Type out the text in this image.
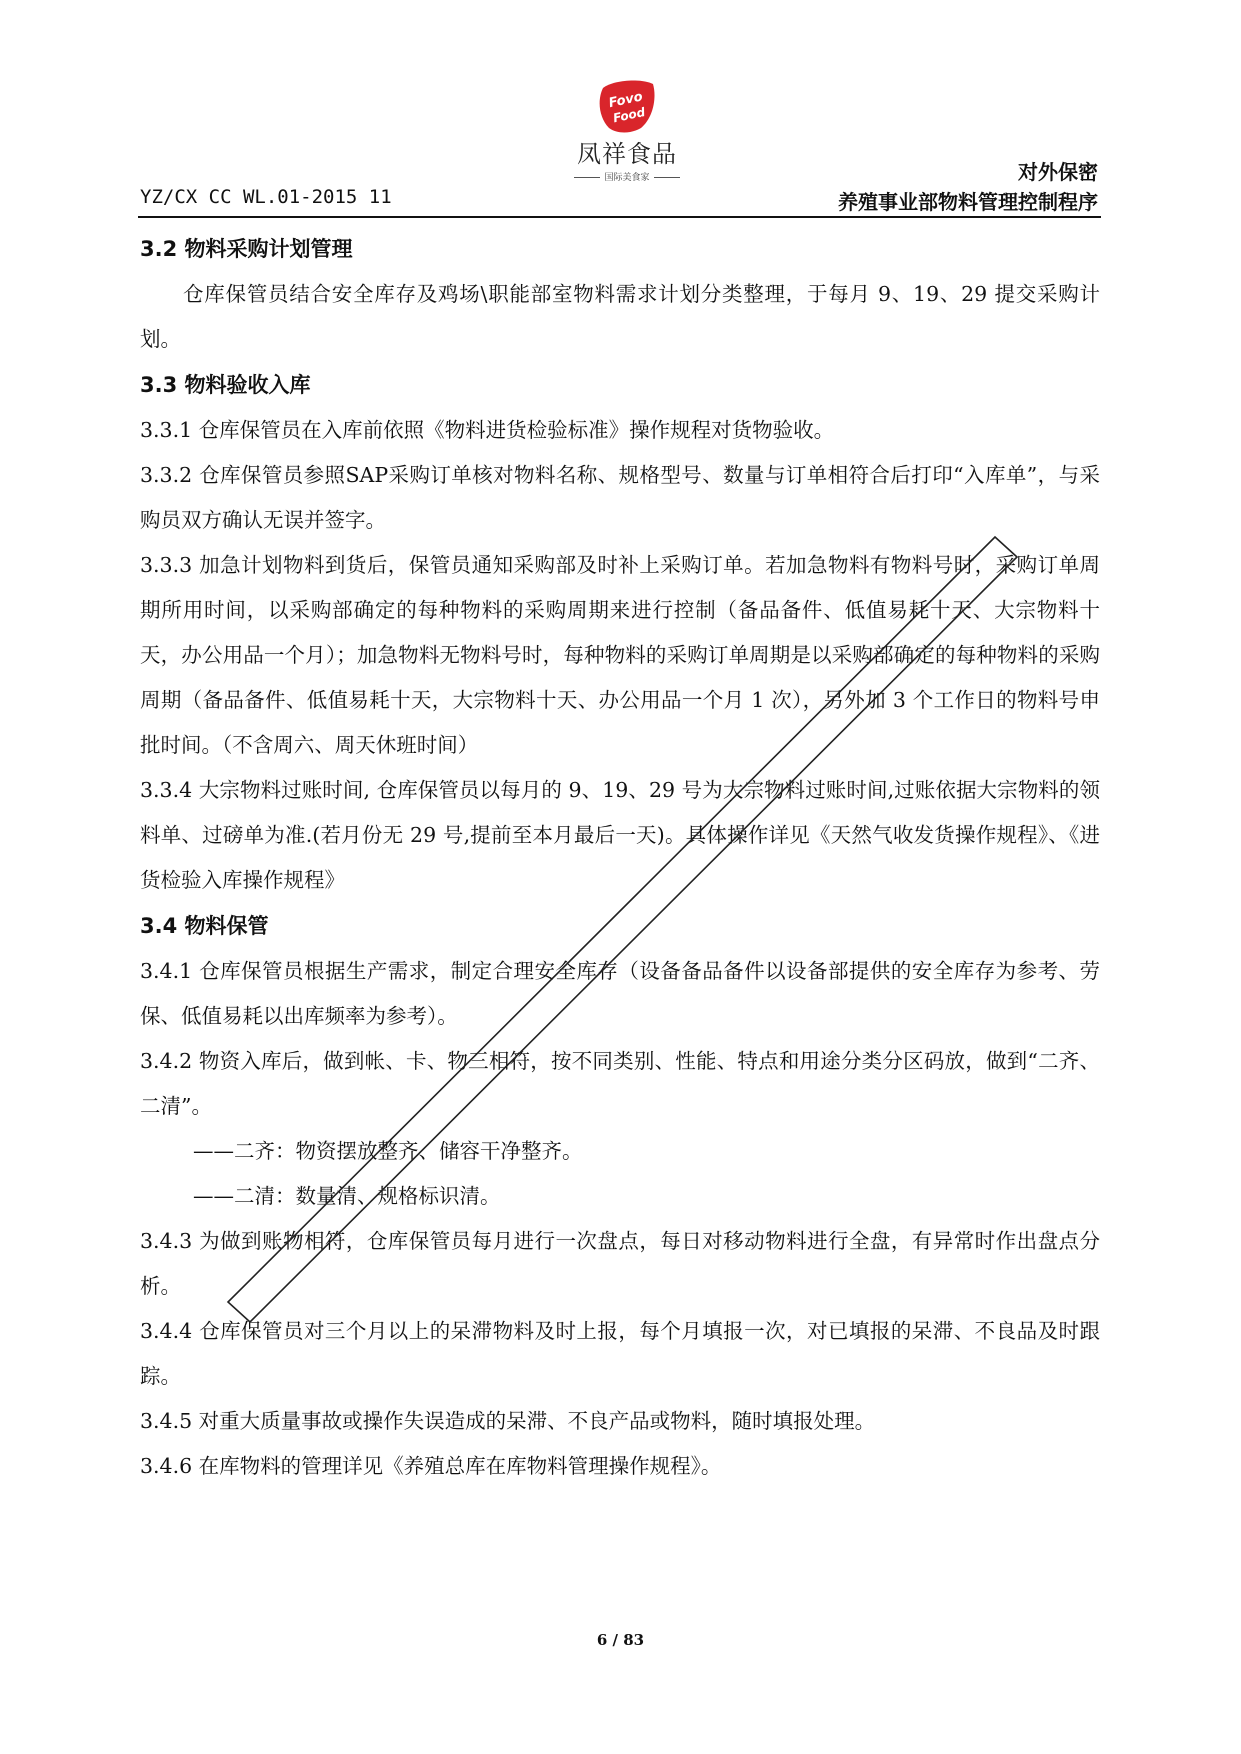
Fovo
Food
凤祥食品
国际美食家
YZ/CX CC WL.01-2015 11
对外保密
养殖事业部物料管理控制程序
3.2 物料采购计划管理

仓库保管员结合安全库存及鸡场\职能部室物料需求计划分类整理，于每月 9、19、29 提交采购计划。

3.3 物料验收入库

3.3.1 仓库保管员在入库前依照《物料进货检验标准》操作规程对货物验收。

3.3.2 仓库保管员参照SAP采购订单核对物料名称、规格型号、数量与订单相符合后打印“入库单”，与采购员双方确认无误并签字。

3.3.3 加急计划物料到货后，保管员通知采购部及时补上采购订单。若加急物料有物料号时，采购订单周期所用时间，以采购部确定的每种物料的采购周期来进行控制（备品备件、低值易耗十天、大宗物料十天，办公用品一个月）；加急物料无物料号时，每种物料的采购订单周期是以采购部确定的每种物料的采购周期（备品备件、低值易耗十天，大宗物料十天、办公用品一个月 1 次），另外加 3 个工作日的物料号申批时间。（不含周六、周天休班时间）

3.3.4 大宗物料过账时间, 仓库保管员以每月的 9、19、29 号为大宗物料过账时间,过账依据大宗物料的领料单、过磅单为准.(若月份无 29 号,提前至本月最后一天)。具体操作详见《天然气收发货操作规程》、《进货检验入库操作规程》

3.4 物料保管

3.4.1 仓库保管员根据生产需求，制定合理安全库存（设备备品备件以设备部提供的安全库存为参考、劳保、低值易耗以出库频率为参考）。

3.4.2 物资入库后，做到帐、卡、物三相符，按不同类别、性能、特点和用途分类分区码放，做到“二齐、二清”。

——二齐：物资摆放整齐、储容干净整齐。
——二清：数量清、规格标识清。

3.4.3 为做到账物相符，仓库保管员每月进行一次盘点，每日对移动物料进行全盘，有异常时作出盘点分析。

3.4.4 仓库保管员对三个月以上的呆滞物料及时上报，每个月填报一次，对已填报的呆滞、不良品及时跟踪。

3.4.5 对重大质量事故或操作失误造成的呆滞、不良产品或物料，随时填报处理。

3.4.6 在库物料的管理详见《养殖总库在库物料管理操作规程》。

6 / 83
